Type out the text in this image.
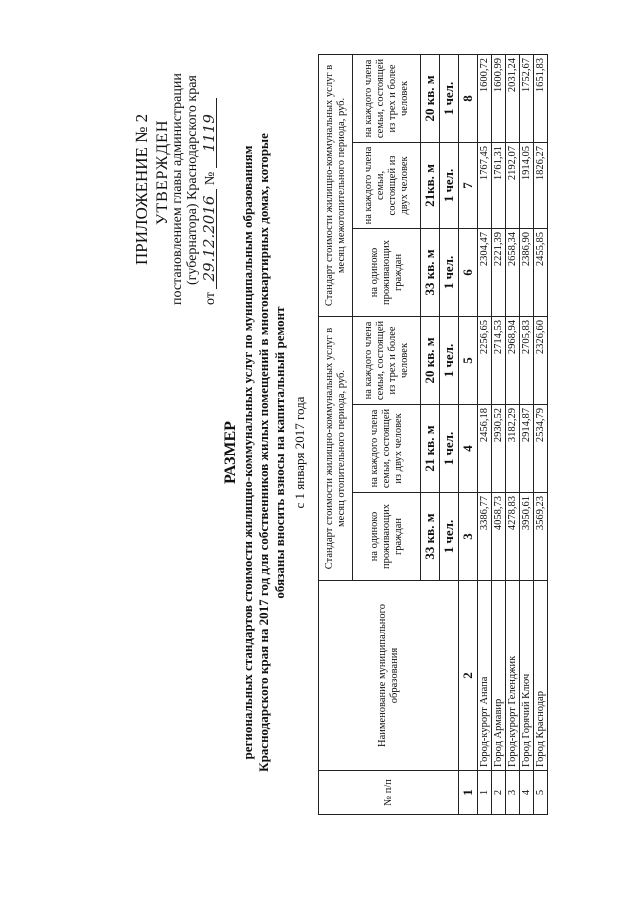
ПРИЛОЖЕНИЕ № 2 УТВЕРЖДЕН постановлением главы администрации (губернатора) Краснодарского края
от 29.12.2016 № 1119
РАЗМЕР региональных стандартов стоимости жилищно-коммунальных услуг по муниципальным образованиям Краснодарского края на 2017 год для собственников жилых помещений в многоквартирных домах, которые обязаны вносить взносы на капитальный ремонт с 1 января 2017 года
№ п/п	Наименование муниципального образования	Стандарт стоимости жилищно-коммунальных услуг в месяц отопительного периода, руб.			Стандарт стоимости жилищно-коммунальных услуг в месяц межотопительного периода, руб.		
		на одиноко проживающих граждан	на каждого члена семьи, состоящей из двух человек	на каждого члена семьи, состоящей из трех и более человек	на одиноко проживающих граждан	на каждого члена семьи, состоящей из двух человек	на каждого члена семьи, состоящей из трех и более человек
		33 кв. м	21 кв. м	20 кв. м	33 кв. м	21кв. м	20 кв. м
		1 чел.	1 чел.	1 чел.	1 чел.	1 чел.	1 чел.
1	2	3	4	5	6	7	8
1	Город-курорт Анапа	3386,77	2456,18	2256,65	2304,47	1767,45	1600,72
2	Город Армавир	4058,73	2930,52	2714,53	2221,39	1761,31	1600,99
3	Город-курорт Геленджик	4278,83	3182,29	2968,94	2658,34	2192,07	2031,24
4	Город Горячий Ключ	3950,61	2914,87	2705,83	2386,90	1914,05	1752,67
5	Город Краснодар	3569,23	2534,79	2326,60	2455,85	1826,27	1651,83
